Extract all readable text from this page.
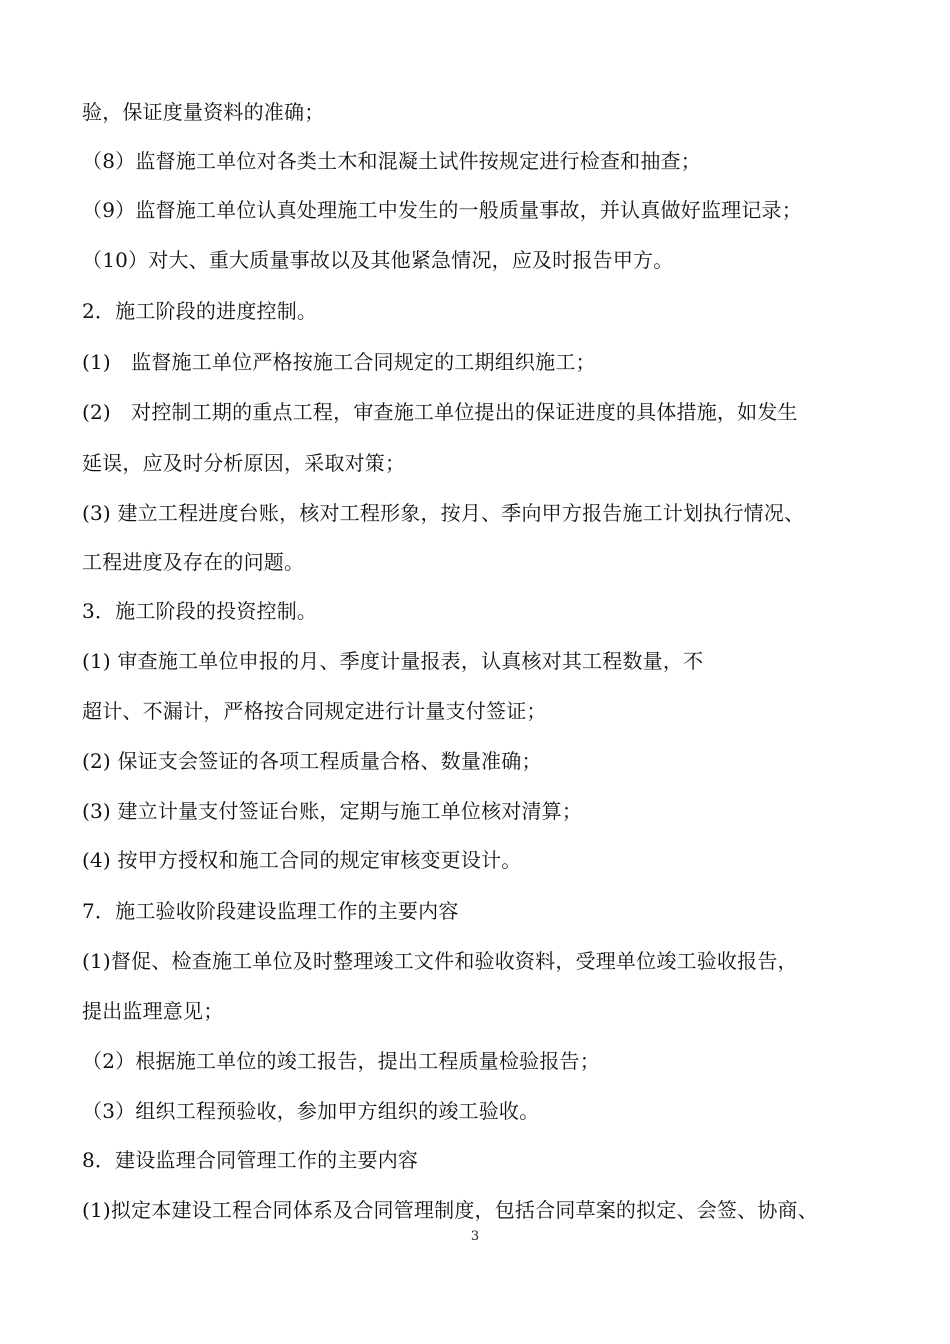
验，保证度量资料的准确；
（8）监督施工单位对各类土木和混凝土试件按规定进行检查和抽查；
（9）监督施工单位认真处理施工中发生的一般质量事故，并认真做好监理记录；
（10）对大、重大质量事故以及其他紧急情况，应及时报告甲方。
2．施工阶段的进度控制。
(1)　监督施工单位严格按施工合同规定的工期组织施工；
(2)　对控制工期的重点工程，审查施工单位提出的保证进度的具体措施，如发生
延误，应及时分析原因，采取对策；
(3) 建立工程进度台账，核对工程形象，按月、季向甲方报告施工计划执行情况、
工程进度及存在的问题。
3．施工阶段的投资控制。
(1) 审查施工单位申报的月、季度计量报表，认真核对其工程数量，不
超计、不漏计，严格按合同规定进行计量支付签证；
(2) 保证支会签证的各项工程质量合格、数量准确；
(3) 建立计量支付签证台账，定期与施工单位核对清算；
(4) 按甲方授权和施工合同的规定审核变更设计。
7．施工验收阶段建设监理工作的主要内容
(1)督促、检查施工单位及时整理竣工文件和验收资料，受理单位竣工验收报告，
提出监理意见；
（2）根据施工单位的竣工报告，提出工程质量检验报告；
（3）组织工程预验收，参加甲方组织的竣工验收。
8．建设监理合同管理工作的主要内容
(1)拟定本建设工程合同体系及合同管理制度，包括合同草案的拟定、会签、协商、
3
